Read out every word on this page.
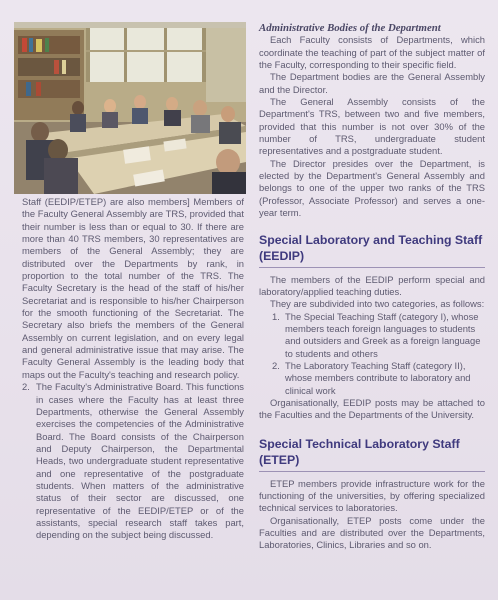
Staff (EEDIP/ETEP) are also members] Members of the Faculty General Assembly are TRS, provided that their number is less than or equal to 30. If there are more than 40 TRS members, 30 representatives are members of the General Assembly; they are distributed over the Departments by rank, in proportion to the total number of the TRS. The Faculty Secretary is the head of the staff of his/her Secretariat and is responsible to his/her Chairperson for the smooth functioning of the Secretariat. The Secretary also briefs the members of the General Assembly on current legislation, and on every legal and general administrative issue that may arise. The Faculty General Assembly is the leading body that maps out the Faculty's teaching and research policy.

2. The Faculty's Administrative Board. This functions in cases where the Faculty has at least three Departments, otherwise the General Assembly exercises the competencies of the Administrative Board. The Board consists of the Chairperson and Deputy Chairperson, the Departmental Heads, two undergraduate student representative and one representative of the postgraduate students. When matters of the administrative status of their sector are discussed, one representative of the EEDIP/ETEP or of the assistants, special research staff takes part, depending on the subject being discussed.

Administrative Bodies of the Department

Each Faculty consists of Departments, which coordinate the teaching of part of the subject matter of the Faculty, corresponding to their specific field.

The Department bodies are the General Assembly and the Director.

The General Assembly consists of the Department's TRS, between two and five members, provided that this number is not over 30% of the number of TRS, undergraduate student representatives and a postgraduate student.

The Director presides over the Department, is elected by the Department's General Assembly and belongs to one of the upper two ranks of the TRS (Professor, Associate Professor) and serves a one-year term.

Special Laboratory and Teaching Staff (EEDIP)

The members of the EEDIP perform special and laboratory/applied teaching duties.

They are subdivided into two categories, as follows:

1. The Special Teaching Staff (category I), whose members teach foreign languages to students and outsiders and Greek as a foreign language to students and others

2. The Laboratory Teaching Staff (category II), whose members contribute to laboratory and clinical work

Organisationally, EEDIP posts may be attached to the Faculties and the Departments of the University.

Special Technical Laboratory Staff (ETEP)

ETEP members provide infrastructure work for the functioning of the universities, by offering specialized technical services to laboratories.

Organisationally, ETEP posts come under the Faculties and are distributed over the Departments, Laboratories, Clinics, Libraries and so on.
